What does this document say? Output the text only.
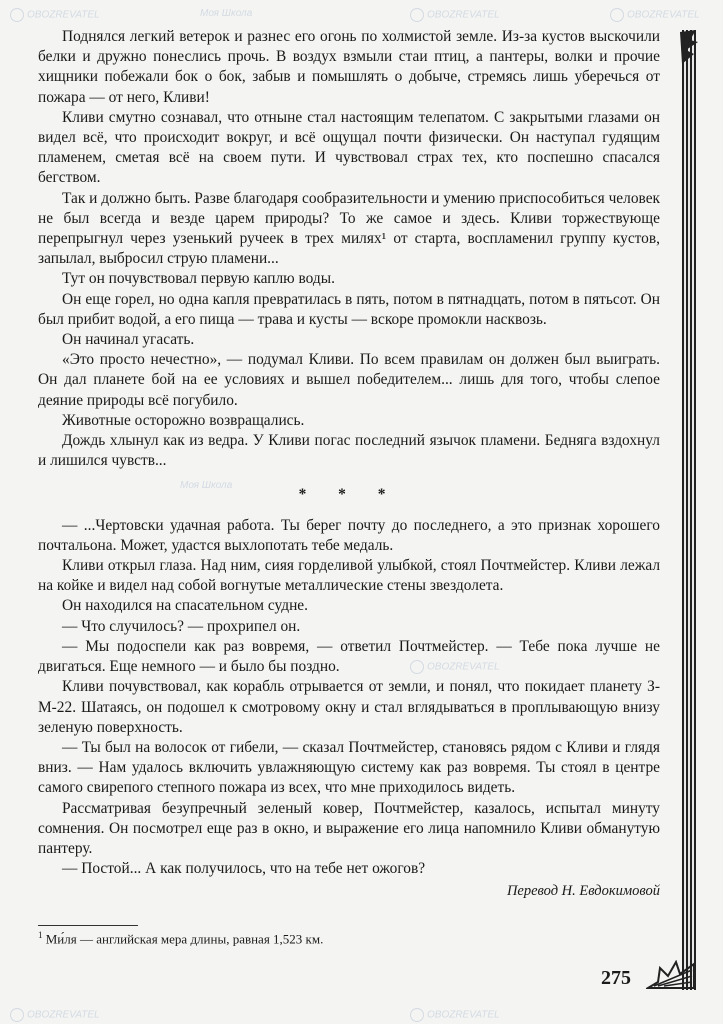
OBOZREVATEL	Моя Школа	OBOZREVATEL	OBOZREVATEL
Моя Школа
OBOZREVATEL
OBOZREVATEL	OBOZREVATEL

Поднялся легкий ветерок и разнес его огонь по холмистой земле. Из-за кустов выскочили белки и дружно понеслись прочь. В воздух взмыли стаи птиц, а пантеры, волки и прочие хищники побежали бок о бок, забыв и помышлять о добыче, стремясь лишь уберечься от пожара — от него, Кливи!

Кливи смутно сознавал, что отныне стал настоящим телепатом. С закрытыми глазами он видел всё, что происходит вокруг, и всё ощущал почти физически. Он наступал гудящим пламенем, сметая всё на своем пути. И чувствовал страх тех, кто поспешно спасался бегством.

Так и должно быть. Разве благодаря сообразительности и умению приспособиться человек не был всегда и везде царем природы? То же самое и здесь. Кливи торжествующе перепрыгнул через узенький ручеек в трех милях¹ от старта, воспламенил группу кустов, запылал, выбросил струю пламени...

Тут он почувствовал первую каплю воды.

Он еще горел, но одна капля превратилась в пять, потом в пятнадцать, потом в пятьсот. Он был прибит водой, а его пища — трава и кусты — вскоре промокли насквозь.

Он начинал угасать.

«Это просто нечестно», — подумал Кливи. По всем правилам он должен был выиграть. Он дал планете бой на ее условиях и вышел победителем... лишь для того, чтобы слепое деяние природы всё погубило.

Животные осторожно возвращались.

Дождь хлынул как из ведра. У Кливи погас последний язычок пламени. Бедняга вздохнул и лишился чувств...

* * *

— ...Чертовски удачная работа. Ты берег почту до последнего, а это признак хорошего почтальона. Может, удастся выхлопотать тебе медаль.

Кливи открыл глаза. Над ним, сияя горделивой улыбкой, стоял Почтмейстер. Кливи лежал на койке и видел над собой вогнутые металлические стены звездолета.

Он находился на спасательном судне.

— Что случилось? — прохрипел он.

— Мы подоспели как раз вовремя, — ответил Почтмейстер. — Тебе пока лучше не двигаться. Еще немного — и было бы поздно.

Кливи почувствовал, как корабль отрывается от земли, и понял, что покидает планету З-М-22. Шатаясь, он подошел к смотровому окну и стал вглядываться в проплывающую внизу зеленую поверхность.

— Ты был на волосок от гибели, — сказал Почтмейстер, становясь рядом с Кливи и глядя вниз. — Нам удалось включить увлажняющую систему как раз вовремя. Ты стоял в центре самого свирепого степного пожара из всех, что мне приходилось видеть.

Рассматривая безупречный зеленый ковер, Почтмейстер, казалось, испытал минуту сомнения. Он посмотрел еще раз в окно, и выражение его лица напомнило Кливи обманутую пантеру.

— Постой... А как получилось, что на тебе нет ожогов?

Перевод Н. Евдокимовой
$^1$ Ми́ля — английская мера длины, равная 1,523 км.
275
